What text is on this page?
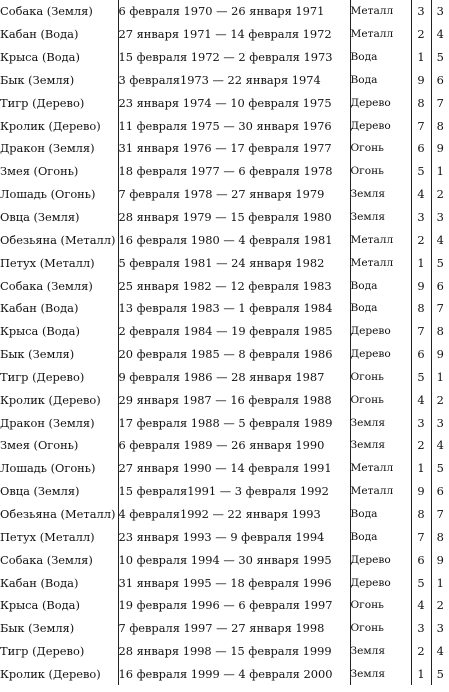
Собака (Земля)	6 февраля 1970 — 26 января 1971	Металл	3	3
Кабан (Вода)	27 января 1971 — 14 февраля 1972	Металл	2	4
Крыса (Вода)	15 февраля 1972 — 2 февраля 1973	Вода	1	5
Бык (Земля)	3 февраля1973 — 22 января 1974	Вода	9	6
Тигр (Дерево)	23 января 1974 — 10 февраля 1975	Дерево	8	7
Кролик (Дерево)	11 февраля 1975 — 30 января 1976	Дерево	7	8
Дракон (Земля)	31 января 1976 — 17 февраля 1977	Огонь	6	9
Змея (Огонь)	18 февраля 1977 — 6 февраля 1978	Огонь	5	1
Лошадь (Огонь)	7 февраля 1978 — 27 января 1979	Земля	4	2
Овца (Земля)	28 января 1979 — 15 февраля 1980	Земля	3	3
Обезьяна (Металл)	16 февраля 1980 — 4 февраля 1981	Металл	2	4
Петух (Металл)	5 февраля 1981 — 24 января 1982	Металл	1	5
Собака (Земля)	25 января 1982 — 12 февраля 1983	Вода	9	6
Кабан (Вода)	13 февраля 1983 — 1 февраля 1984	Вода	8	7
Крыса (Вода)	2 февраля 1984 — 19 февраля 1985	Дерево	7	8
Бык (Земля)	20 февраля 1985 — 8 февраля 1986	Дерево	6	9
Тигр (Дерево)	9 февраля 1986 — 28 января 1987	Огонь	5	1
Кролик (Дерево)	29 января 1987 — 16 февраля 1988	Огонь	4	2
Дракон (Земля)	17 февраля 1988 — 5 февраля 1989	Земля	3	3
Змея (Огонь)	6 февраля 1989 — 26 января 1990	Земля	2	4
Лошадь (Огонь)	27 января 1990 — 14 февраля 1991	Металл	1	5
Овца (Земля)	15 февраля1991 — 3 февраля 1992	Металл	9	6
Обезьяна (Металл)	4 февраля1992 — 22 января 1993	Вода	8	7
Петух (Металл)	23 января 1993 — 9 февраля 1994	Вода	7	8
Собака (Земля)	10 февраля 1994 — 30 января 1995	Дерево	6	9
Кабан (Вода)	31 января 1995 — 18 февраля 1996	Дерево	5	1
Крыса (Вода)	19 февраля 1996 — 6 февраля 1997	Огонь	4	2
Бык (Земля)	7 февраля 1997 — 27 января 1998	Огонь	3	3
Тигр (Дерево)	28 января 1998 — 15 февраля 1999	Земля	2	4
Кролик (Дерево)	16 февраля 1999 — 4 февраля 2000	Земля	1	5
